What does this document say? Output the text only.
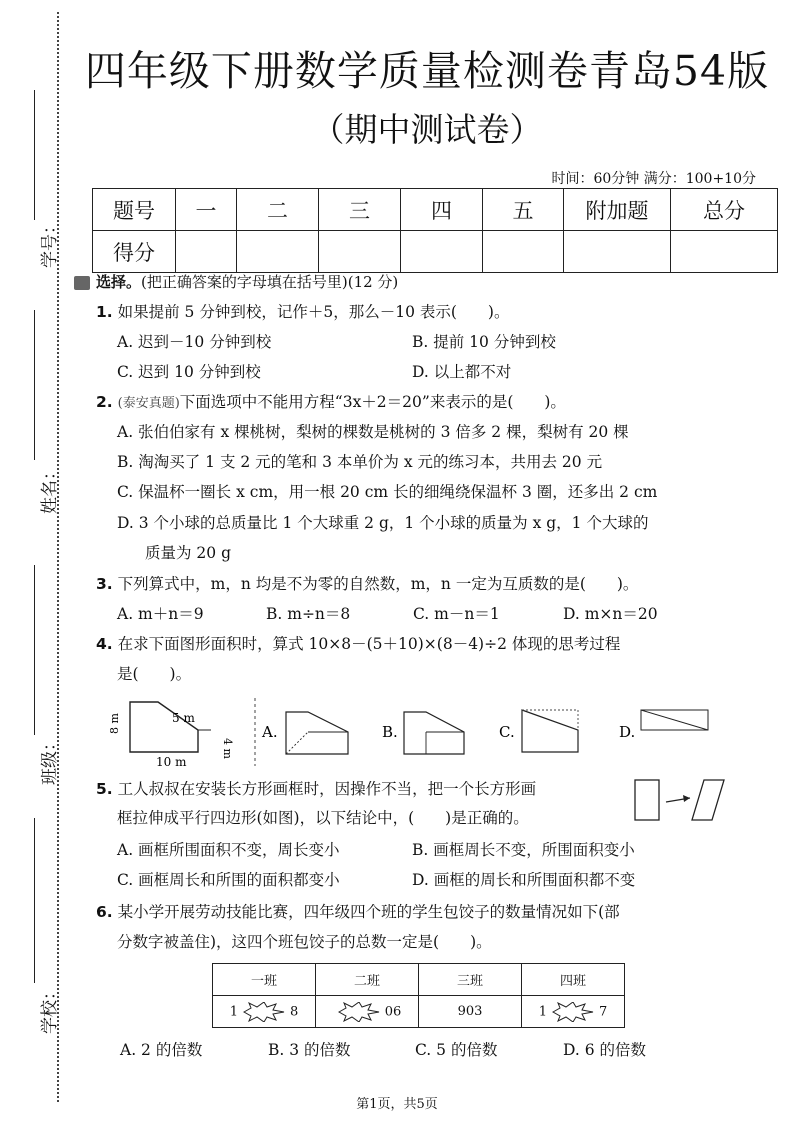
学号：
姓名：
班级：
学校：
四年级下册数学质量检测卷青岛54版
（期中测试卷）
时间：60分钟 满分：100+10分
题号	一	二	三	四	五	附加题	总分
得分							
选择。(把正确答案的字母填在括号里)(12 分)
1. 如果提前 5 分钟到校，记作＋5，那么－10 表示(　　)。
A. 迟到－10 分钟到校	B. 提前 10 分钟到校
C. 迟到 10 分钟到校	D. 以上都不对
2. (泰安真题)下面选项中不能用方程“3x＋2＝20”来表示的是(　　)。
A. 张伯伯家有 x 棵桃树，梨树的棵数是桃树的 3 倍多 2 棵，梨树有 20 棵
B. 淘淘买了 1 支 2 元的笔和 3 本单价为 x 元的练习本，共用去 20 元
C. 保温杯一圈长 x cm，用一根 20 cm 长的细绳绕保温杯 3 圈，还多出 2 cm
D. 3 个小球的总质量比 1 个大球重 2 g，1 个小球的质量为 x g，1 个大球的
质量为 20 g
3. 下列算式中，m，n 均是不为零的自然数，m，n 一定为互质数的是(　　)。
A. m＋n＝9	B. m÷n＝8	C. m－n＝1	D. m×n＝20
4. 在求下面图形面积时，算式 10×8－(5＋10)×(8－4)÷2 体现的思考过程
是(　　)。
8 m	5 m
4 m
10 m
A.	B.	C.	D.
5. 工人叔叔在安装长方形画框时，因操作不当，把一个长方形画
框拉伸成平行四边形(如图)，以下结论中，(　　)是正确的。
A. 画框所围面积不变，周长变小	B. 画框周长不变，所围面积变小
C. 画框周长和所围的面积都变小	D. 画框的周长和所围面积都不变
6. 某小学开展劳动技能比赛，四年级四个班的学生包饺子的数量情况如下(部
分数字被盖住)，这四个班包饺子的总数一定是(　　)。
一班	二班	三班	四班
1 8	06	903	1 7
A. 2 的倍数	B. 3 的倍数	C. 5 的倍数	D. 6 的倍数
第1页，共5页
